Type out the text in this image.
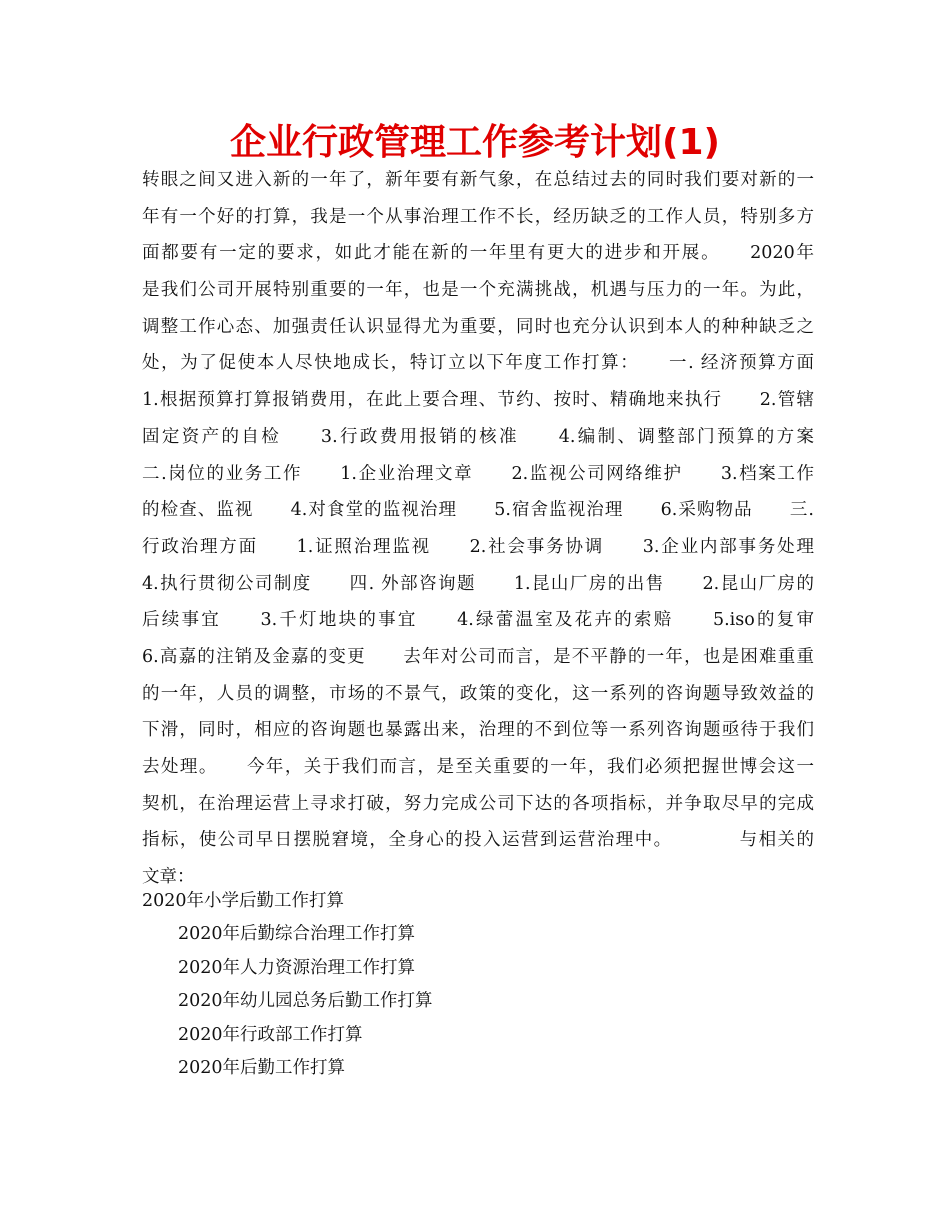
企业行政管理工作参考计划(1)
转眼之间又进入新的一年了，新年要有新气象，在总结过去的同时我们要对新的一
年有一个好的打算，我是一个从事治理工作不长，经历缺乏的工作人员，特别多方
面都要有一定的要求，如此才能在新的一年里有更大的进步和开展。　　2020年
是我们公司开展特别重要的一年，也是一个充满挑战，机遇与压力的一年。为此，
调整工作心态、加强责任认识显得尤为重要，同时也充分认识到本人的种种缺乏之
处，为了促使本人尽快地成长，特订立以下年度工作打算：　　一. 经济预算方面
1.根据预算打算报销费用，在此上要合理、节约、按时、精确地来执行　　2.管辖
固定资产的自检　　3.行政费用报销的核准　　4.编制、调整部门预算的方案
二.岗位的业务工作　　1.企业治理文章　　2.监视公司网络维护　　3.档案工作
的检查、监视　　4.对食堂的监视治理　　5.宿舍监视治理　　6.采购物品　　三.
行政治理方面　　1.证照治理监视　　2.社会事务协调　　3.企业内部事务处理
4.执行贯彻公司制度　　四. 外部咨询题　　1.昆山厂房的出售　　2.昆山厂房的
后续事宜　　3.千灯地块的事宜　　4.绿蕾温室及花卉的索赔　　5.iso的复审
6.高嘉的注销及金嘉的变更　　去年对公司而言，是不平静的一年，也是困难重重
的一年，人员的调整，市场的不景气，政策的变化，这一系列的咨询题导致效益的
下滑，同时，相应的咨询题也暴露出来，治理的不到位等一系列咨询题亟待于我们
去处理。　　今年，关于我们而言，是至关重要的一年，我们必须把握世博会这一
契机，在治理运营上寻求打破，努力完成公司下达的各项指标，并争取尽早的完成
指标，使公司早日摆脱窘境，全身心的投入运营到运营治理中。　　　　与相关的
文章：
2020年小学后勤工作打算
2020年后勤综合治理工作打算
2020年人力资源治理工作打算
2020年幼儿园总务后勤工作打算
2020年行政部工作打算
2020年后勤工作打算
